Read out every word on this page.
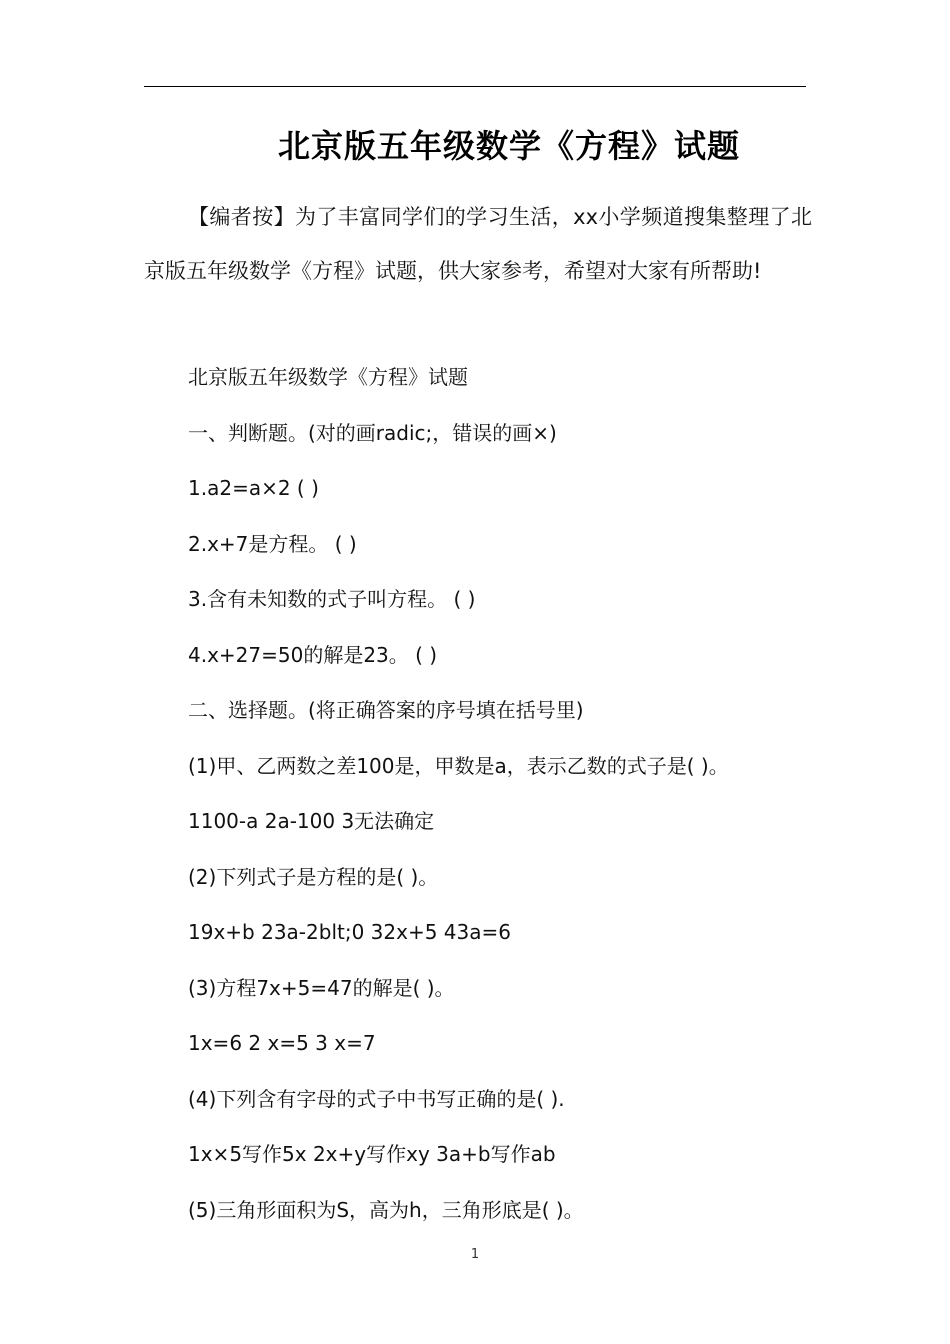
北京版五年级数学《方程》试题

【编者按】为了丰富同学们的学习生活，xx小学频道搜集整理了北京版五年级数学《方程》试题，供大家参考，希望对大家有所帮助!

北京版五年级数学《方程》试题
一、判断题。(对的画radic;，错误的画×)
1.a2=a×2 ( )
2.x+7是方程。 ( )
3.含有未知数的式子叫方程。 ( )
4.x+27=50的解是23。 ( )
二、选择题。(将正确答案的序号填在括号里)
(1)甲、乙两数之差100是，甲数是a，表示乙数的式子是( )。
1100-a 2a-100 3无法确定
(2)下列式子是方程的是( )。
19x+b 23a-2blt;0 32x+5 43a=6
(3)方程7x+5=47的解是( )。
1x=6 2 x=5 3 x=7
(4)下列含有字母的式子中书写正确的是( ).
1x×5写作5x 2x+y写作xy 3a+b写作ab
(5)三角形面积为S，高为h，三角形底是( )。
1
